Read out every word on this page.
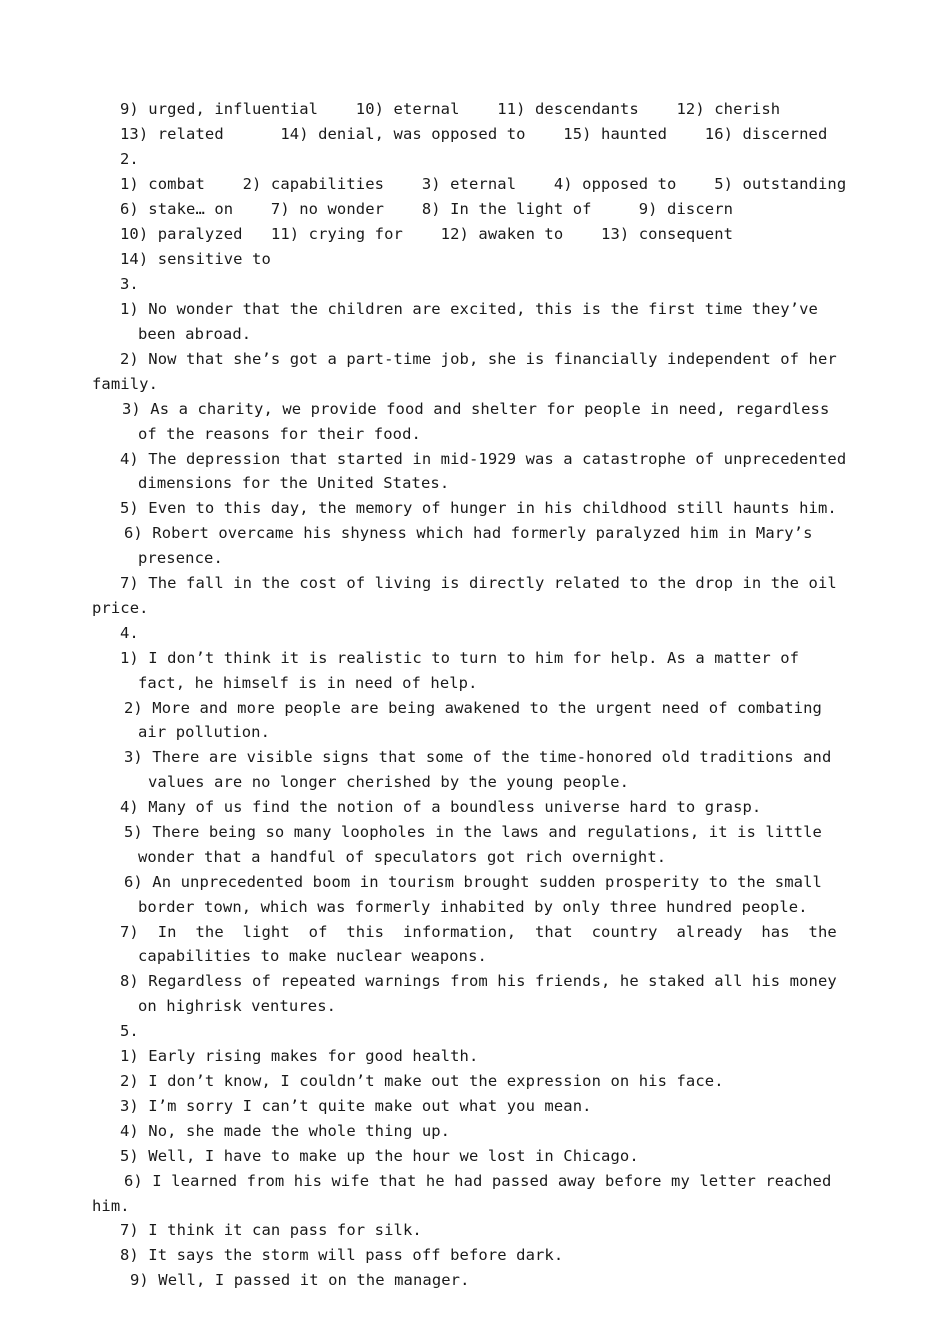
9) urged, influential    10) eternal    11) descendants    12) cherish
13) related      14) denial, was opposed to    15) haunted    16) discerned
2.
1) combat    2) capabilities    3) eternal    4) opposed to    5) outstanding
6) stake… on    7) no wonder    8) In the light of     9) discern
10) paralyzed   11) crying for    12) awaken to    13) consequent
14) sensitive to
3.
1) No wonder that the children are excited, this is the first time they’ve
been abroad.
2) Now that she’s got a part-time job, she is financially independent of her
family.
3) As a charity, we provide food and shelter for people in need, regardless
of the reasons for their food.
4) The depression that started in mid-1929 was a catastrophe of unprecedented
dimensions for the United States.
5) Even to this day, the memory of hunger in his childhood still haunts him.
6) Robert overcame his shyness which had formerly paralyzed him in Mary’s
presence.
7) The fall in the cost of living is directly related to the drop in the oil
price.
4.
1) I don’t think it is realistic to turn to him for help. As a matter of
fact, he himself is in need of help.
2) More and more people are being awakened to the urgent need of combating
air pollution.
3) There are visible signs that some of the time-honored old traditions and
values are no longer cherished by the young people.
4) Many of us find the notion of a boundless universe hard to grasp.
5) There being so many loopholes in the laws and regulations, it is little
wonder that a handful of speculators got rich overnight.
6) An unprecedented boom in tourism brought sudden prosperity to the small
border town, which was formerly inhabited by only three hundred people.
7)  In  the  light  of  this  information,  that  country  already  has  the
capabilities to make nuclear weapons.
8) Regardless of repeated warnings from his friends, he staked all his money
on highrisk ventures.
5.
1) Early rising makes for good health.
2) I don’t know, I couldn’t make out the expression on his face.
3) I’m sorry I can’t quite make out what you mean.
4) No, she made the whole thing up.
5) Well, I have to make up the hour we lost in Chicago.
6) I learned from his wife that he had passed away before my letter reached
him.
7) I think it can pass for silk.
8) It says the storm will pass off before dark.
9) Well, I passed it on the manager.
